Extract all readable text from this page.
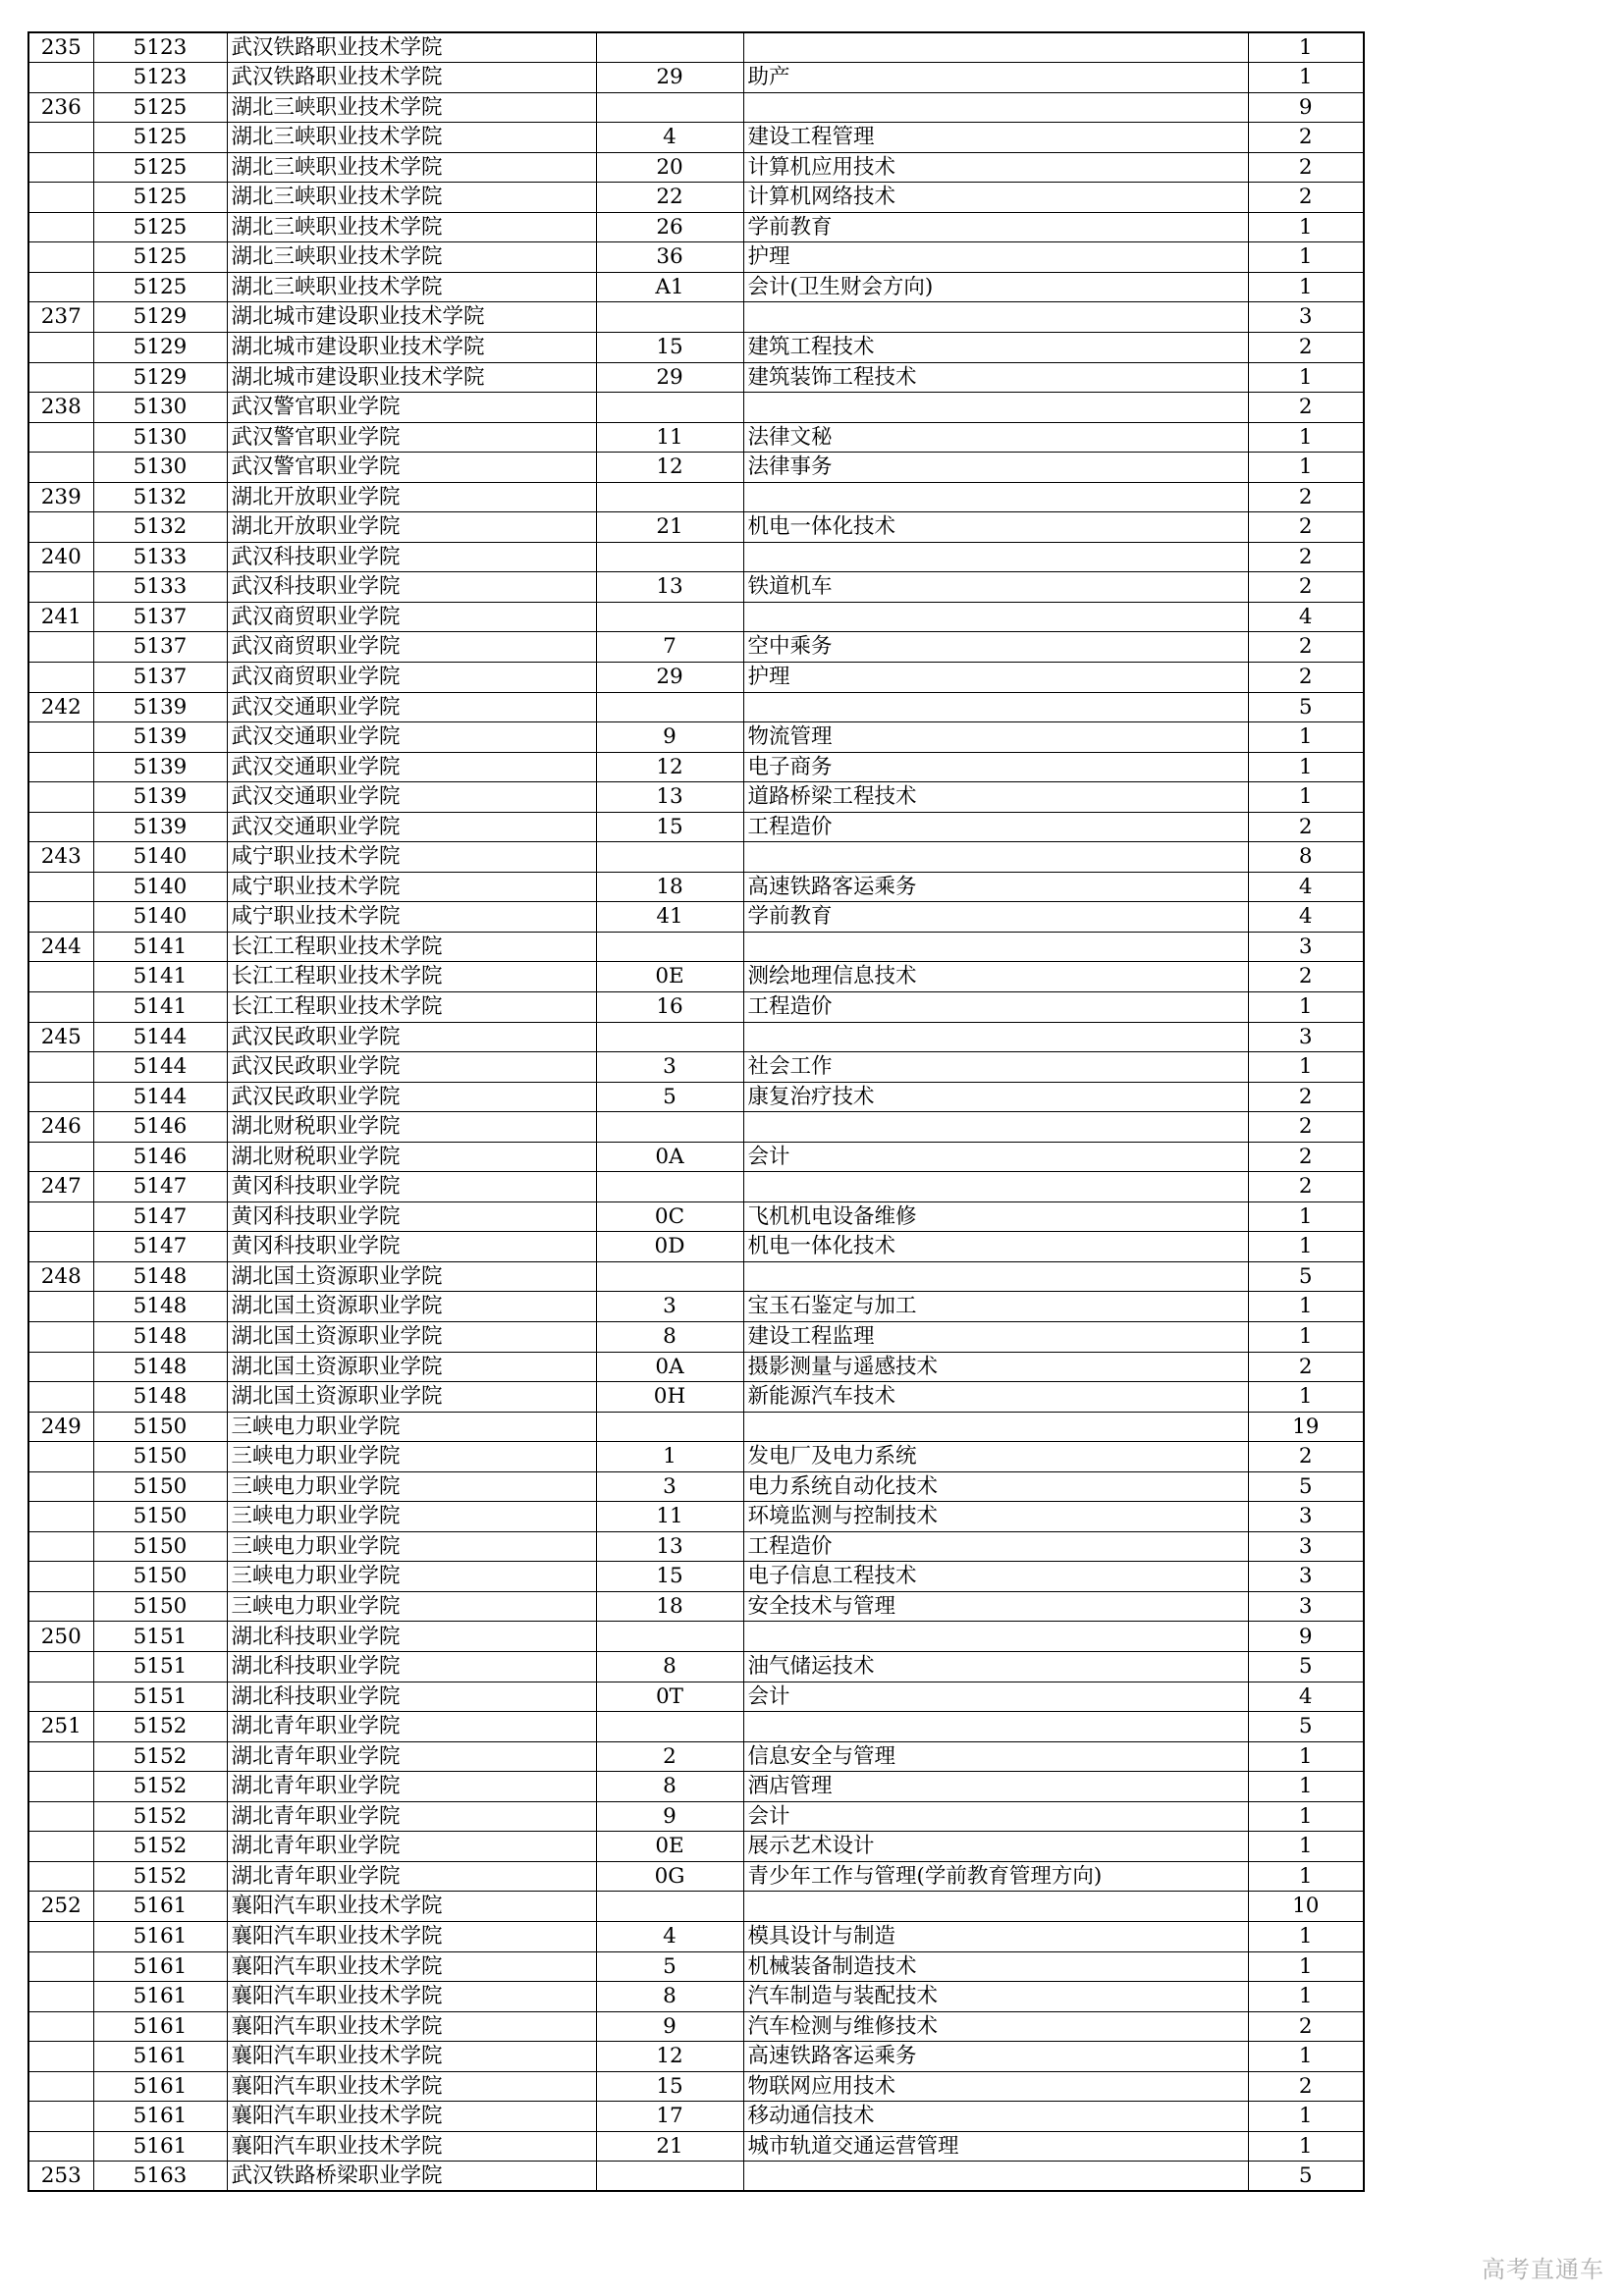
235	5123	武汉铁路职业技术学院			1
	5123	武汉铁路职业技术学院	29	助产	1
236	5125	湖北三峡职业技术学院			9
	5125	湖北三峡职业技术学院	4	建设工程管理	2
	5125	湖北三峡职业技术学院	20	计算机应用技术	2
	5125	湖北三峡职业技术学院	22	计算机网络技术	2
	5125	湖北三峡职业技术学院	26	学前教育	1
	5125	湖北三峡职业技术学院	36	护理	1
	5125	湖北三峡职业技术学院	A1	会计(卫生财会方向)	1
237	5129	湖北城市建设职业技术学院			3
	5129	湖北城市建设职业技术学院	15	建筑工程技术	2
	5129	湖北城市建设职业技术学院	29	建筑装饰工程技术	1
238	5130	武汉警官职业学院			2
	5130	武汉警官职业学院	11	法律文秘	1
	5130	武汉警官职业学院	12	法律事务	1
239	5132	湖北开放职业学院			2
	5132	湖北开放职业学院	21	机电一体化技术	2
240	5133	武汉科技职业学院			2
	5133	武汉科技职业学院	13	铁道机车	2
241	5137	武汉商贸职业学院			4
	5137	武汉商贸职业学院	7	空中乘务	2
	5137	武汉商贸职业学院	29	护理	2
242	5139	武汉交通职业学院			5
	5139	武汉交通职业学院	9	物流管理	1
	5139	武汉交通职业学院	12	电子商务	1
	5139	武汉交通职业学院	13	道路桥梁工程技术	1
	5139	武汉交通职业学院	15	工程造价	2
243	5140	咸宁职业技术学院			8
	5140	咸宁职业技术学院	18	高速铁路客运乘务	4
	5140	咸宁职业技术学院	41	学前教育	4
244	5141	长江工程职业技术学院			3
	5141	长江工程职业技术学院	0E	测绘地理信息技术	2
	5141	长江工程职业技术学院	16	工程造价	1
245	5144	武汉民政职业学院			3
	5144	武汉民政职业学院	3	社会工作	1
	5144	武汉民政职业学院	5	康复治疗技术	2
246	5146	湖北财税职业学院			2
	5146	湖北财税职业学院	0A	会计	2
247	5147	黄冈科技职业学院			2
	5147	黄冈科技职业学院	0C	飞机机电设备维修	1
	5147	黄冈科技职业学院	0D	机电一体化技术	1
248	5148	湖北国土资源职业学院			5
	5148	湖北国土资源职业学院	3	宝玉石鉴定与加工	1
	5148	湖北国土资源职业学院	8	建设工程监理	1
	5148	湖北国土资源职业学院	0A	摄影测量与遥感技术	2
	5148	湖北国土资源职业学院	0H	新能源汽车技术	1
249	5150	三峡电力职业学院			19
	5150	三峡电力职业学院	1	发电厂及电力系统	2
	5150	三峡电力职业学院	3	电力系统自动化技术	5
	5150	三峡电力职业学院	11	环境监测与控制技术	3
	5150	三峡电力职业学院	13	工程造价	3
	5150	三峡电力职业学院	15	电子信息工程技术	3
	5150	三峡电力职业学院	18	安全技术与管理	3
250	5151	湖北科技职业学院			9
	5151	湖北科技职业学院	8	油气储运技术	5
	5151	湖北科技职业学院	0T	会计	4
251	5152	湖北青年职业学院			5
	5152	湖北青年职业学院	2	信息安全与管理	1
	5152	湖北青年职业学院	8	酒店管理	1
	5152	湖北青年职业学院	9	会计	1
	5152	湖北青年职业学院	0E	展示艺术设计	1
	5152	湖北青年职业学院	0G	青少年工作与管理(学前教育管理方向)	1
252	5161	襄阳汽车职业技术学院			10
	5161	襄阳汽车职业技术学院	4	模具设计与制造	1
	5161	襄阳汽车职业技术学院	5	机械装备制造技术	1
	5161	襄阳汽车职业技术学院	8	汽车制造与装配技术	1
	5161	襄阳汽车职业技术学院	9	汽车检测与维修技术	2
	5161	襄阳汽车职业技术学院	12	高速铁路客运乘务	1
	5161	襄阳汽车职业技术学院	15	物联网应用技术	2
	5161	襄阳汽车职业技术学院	17	移动通信技术	1
	5161	襄阳汽车职业技术学院	21	城市轨道交通运营管理	1
253	5163	武汉铁路桥梁职业学院			5
高考直通车
